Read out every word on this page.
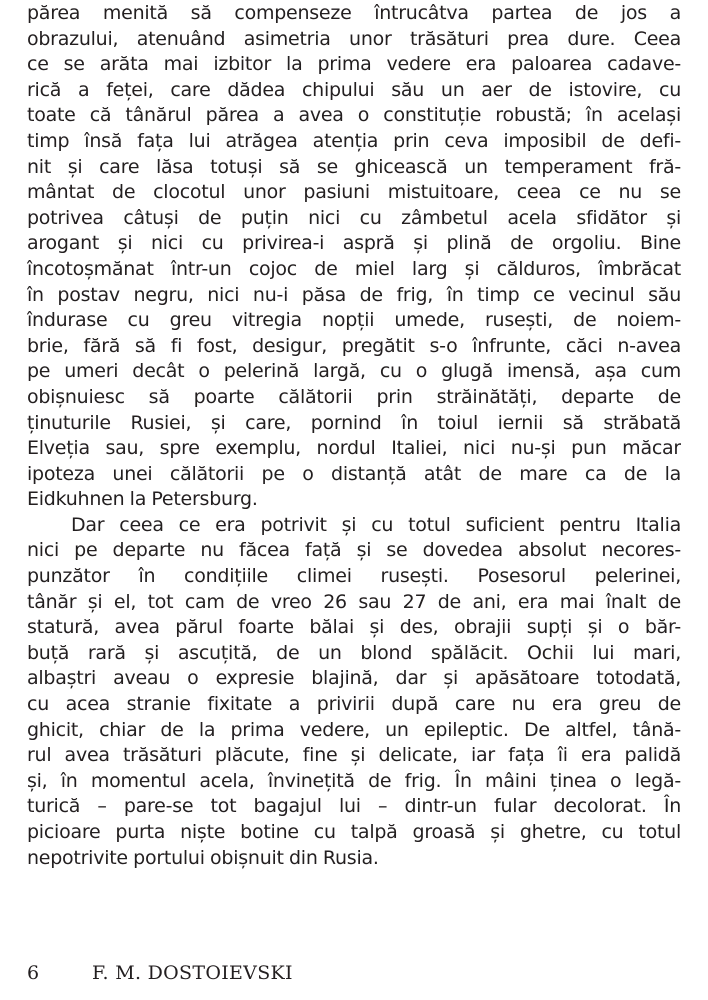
părea menită să compenseze întrucâtva partea de jos a
obrazului, atenuând asimetria unor trăsături prea dure. Ceea
ce se arăta mai izbitor la prima vedere era paloarea cadave-
rică a feței, care dădea chipului său un aer de istovire, cu
toate că tânărul părea a avea o constituție robustă; în același
timp însă fața lui atrăgea atenția prin ceva imposibil de defi-
nit și care lăsa totuși să se ghicească un temperament fră-
mântat de clocotul unor pasiuni mistuitoare, ceea ce nu se
potrivea câtuși de puțin nici cu zâmbetul acela sfidător și
arogant și nici cu privirea-i aspră și plină de orgoliu. Bine
încotoșmănat într-un cojoc de miel larg și călduros, îmbrăcat
în postav negru, nici nu-i păsa de frig, în timp ce vecinul său
îndurase cu greu vitregia nopții umede, rusești, de noiem-
brie, fără să fi fost, desigur, pregătit s-o înfrunte, căci n-avea
pe umeri decât o pelerină largă, cu o glugă imensă, așa cum
obișnuiesc să poarte călătorii prin străinătăți, departe de
ținuturile Rusiei, și care, pornind în toiul iernii să străbată
Elveția sau, spre exemplu, nordul Italiei, nici nu-și pun măcar
ipoteza unei călătorii pe o distanță atât de mare ca de la
Eidkuhnen la Petersburg.
Dar ceea ce era potrivit și cu totul suficient pentru Italia
nici pe departe nu făcea față și se dovedea absolut necores-
punzător în condițiile climei rusești. Posesorul pelerinei,
tânăr și el, tot cam de vreo 26 sau 27 de ani, era mai înalt de
statură, avea părul foarte bălai și des, obrajii supți și o băr-
buță rară și ascuțită, de un blond spălăcit. Ochii lui mari,
albaștri aveau o expresie blajină, dar și apăsătoare totodată,
cu acea stranie fixitate a privirii după care nu era greu de
ghicit, chiar de la prima vedere, un epileptic. De altfel, tână-
rul avea trăsături plăcute, fine și delicate, iar fața îi era palidă
și, în momentul acela, învinețită de frig. În mâini ținea o legă-
turică – pare-se tot bagajul lui – dintr-un fular decolorat. În
picioare purta niște botine cu talpă groasă și ghetre, cu totul
nepotrivite portului obișnuit din Rusia.
6	F. M. DOSTOIEVSKI
